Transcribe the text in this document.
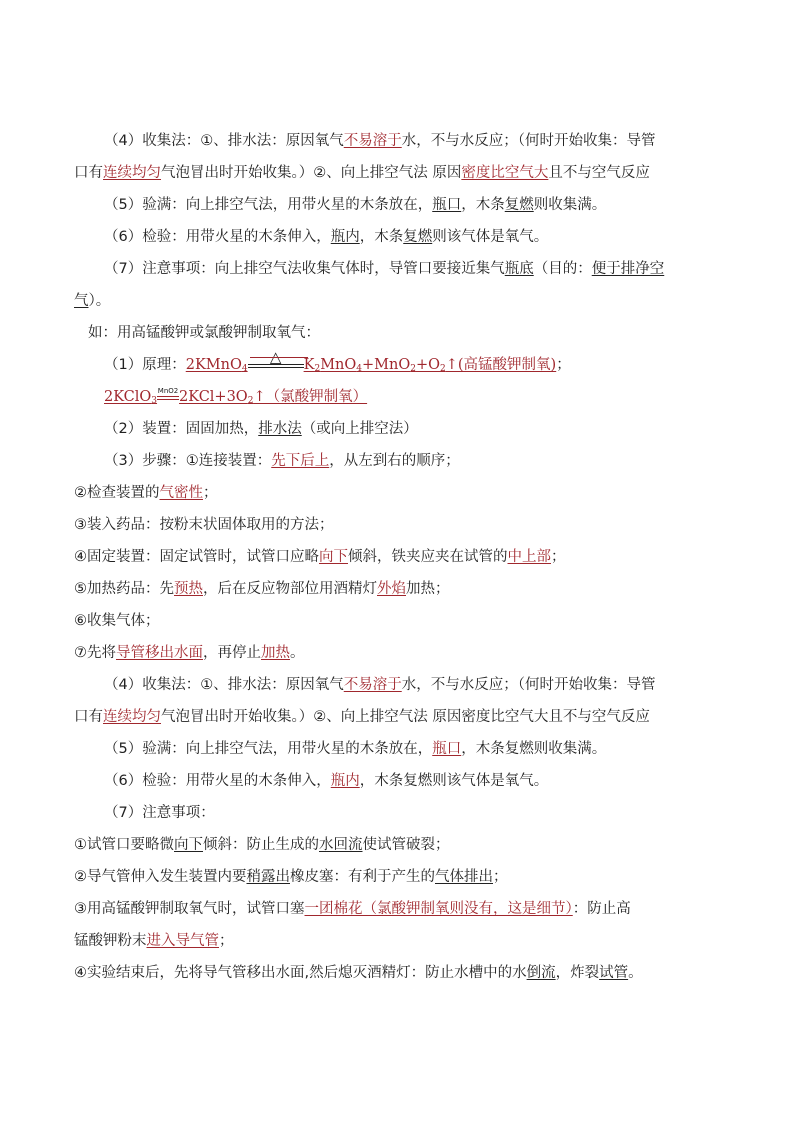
（4）收集法：①、排水法：原因氧气不易溶于水，不与水反应；（何时开始收集：导管
口有连续均匀气泡冒出时开始收集。）②、向上排空气法 原因密度比空气大且不与空气反应
（5）验满：向上排空气法，用带火星的木条放在，瓶口，木条复燃则收集满。
（6）检验：用带火星的木条伸入，瓶内，木条复燃则该气体是氧气。
（7）注意事项：向上排空气法收集气体时，导管口要接近集气瓶底（目的：便于排净空
气）。
如：用高锰酸钾或氯酸钾制取氧气：
（1）原理：2KMnO$_4$
△	$K_2MnO_4+MnO_2+O_2↑$(高锰酸钾制氧)；
2KClO$_3$
MnO2 $2KCl+3O_2↑$（氯酸钾制氧）
（2）装置：固固加热，排水法（或向上排空法）
（3）步骤：①连接装置：先下后上，从左到右的顺序；
②检查装置的气密性；
③装入药品：按粉末状固体取用的方法；
④固定装置：固定试管时，试管口应略向下倾斜，铁夹应夹在试管的中上部；
⑤加热药品：先预热，后在反应物部位用酒精灯外焰加热；
⑥收集气体；
⑦先将导管移出水面，再停止加热。
（4）收集法：①、排水法：原因氧气不易溶于水，不与水反应；（何时开始收集：导管
口有连续均匀气泡冒出时开始收集。）②、向上排空气法 原因密度比空气大且不与空气反应
（5）验满：向上排空气法，用带火星的木条放在，瓶口，木条复燃则收集满。
（6）检验：用带火星的木条伸入，瓶内，木条复燃则该气体是氧气。
（7）注意事项：
①试管口要略微向下倾斜：防止生成的水回流使试管破裂；
②导气管伸入发生装置内要稍露出橡皮塞：有利于产生的气体排出；
③用高锰酸钾制取氧气时，试管口塞一团棉花（氯酸钾制氧则没有，这是细节）：防止高
锰酸钾粉末进入导气管；
④实验结束后，先将导气管移出水面,然后熄灭酒精灯：防止水槽中的水倒流，炸裂试管。
